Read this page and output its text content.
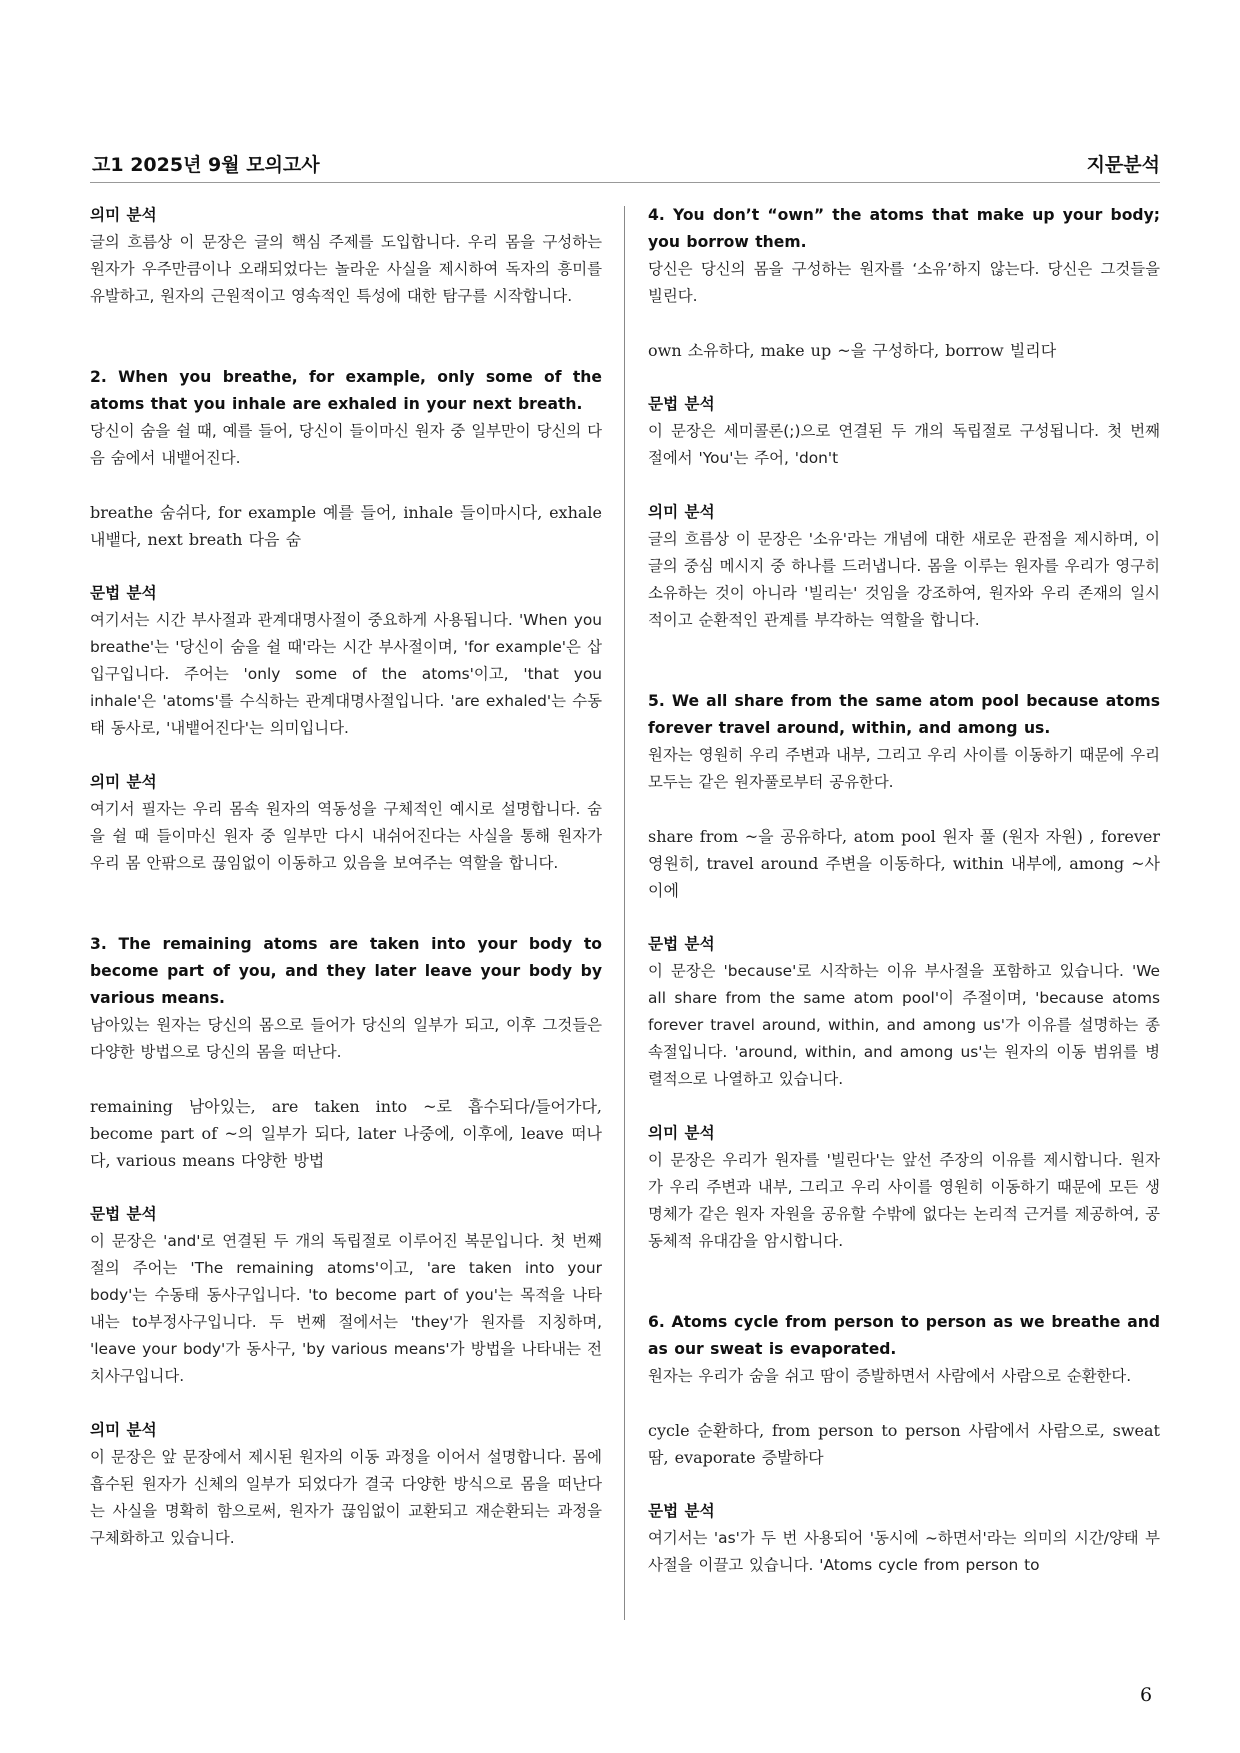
고1 2025년 9월 모의고사	지문분석
의미 분석
글의 흐름상 이 문장은 글의 핵심 주제를 도입합니다. 우리 몸을 구성하는 원자가 우주만큼이나 오래되었다는 놀라운 사실을 제시하여 독자의 흥미를 유발하고, 원자의 근원적이고 영속적인 특성에 대한 탐구를 시작합니다.
2. When you breathe, for example, only some of the atoms that you inhale are exhaled in your next breath.
당신이 숨을 쉴 때, 예를 들어, 당신이 들이마신 원자 중 일부만이 당신의 다음 숨에서 내뱉어진다.
breathe 숨쉬다, for example 예를 들어, inhale 들이마시다, exhale 내뱉다, next breath 다음 숨
문법 분석
여기서는 시간 부사절과 관계대명사절이 중요하게 사용됩니다. 'When you breathe'는 '당신이 숨을 쉴 때'라는 시간 부사절이며, 'for example'은 삽입구입니다. 주어는 'only some of the atoms'이고, 'that you inhale'은 'atoms'를 수식하는 관계대명사절입니다. 'are exhaled'는 수동태 동사로, '내뱉어진다'는 의미입니다.
의미 분석
여기서 필자는 우리 몸속 원자의 역동성을 구체적인 예시로 설명합니다. 숨을 쉴 때 들이마신 원자 중 일부만 다시 내쉬어진다는 사실을 통해 원자가 우리 몸 안팎으로 끊임없이 이동하고 있음을 보여주는 역할을 합니다.
3. The remaining atoms are taken into your body to become part of you, and they later leave your body by various means.
남아있는 원자는 당신의 몸으로 들어가 당신의 일부가 되고, 이후 그것들은 다양한 방법으로 당신의 몸을 떠난다.
remaining 남아있는, are taken into ~로 흡수되다/들어가다, become part of ~의 일부가 되다, later 나중에, 이후에, leave 떠나다, various means 다양한 방법
문법 분석
이 문장은 'and'로 연결된 두 개의 독립절로 이루어진 복문입니다. 첫 번째 절의 주어는 'The remaining atoms'이고, 'are taken into your body'는 수동태 동사구입니다. 'to become part of you'는 목적을 나타내는 to부정사구입니다. 두 번째 절에서는 'they'가 원자를 지칭하며, 'leave your body'가 동사구, 'by various means'가 방법을 나타내는 전치사구입니다.
의미 분석
이 문장은 앞 문장에서 제시된 원자의 이동 과정을 이어서 설명합니다. 몸에 흡수된 원자가 신체의 일부가 되었다가 결국 다양한 방식으로 몸을 떠난다는 사실을 명확히 함으로써, 원자가 끊임없이 교환되고 재순환되는 과정을 구체화하고 있습니다.
4. You don’t “own” the atoms that make up your body; you borrow them.
당신은 당신의 몸을 구성하는 원자를 ‘소유’하지 않는다. 당신은 그것들을 빌린다.
own 소유하다, make up ~을 구성하다, borrow 빌리다
문법 분석
이 문장은 세미콜론(;)으로 연결된 두 개의 독립절로 구성됩니다. 첫 번째 절에서 'You'는 주어, 'don't
의미 분석
글의 흐름상 이 문장은 '소유'라는 개념에 대한 새로운 관점을 제시하며, 이 글의 중심 메시지 중 하나를 드러냅니다. 몸을 이루는 원자를 우리가 영구히 소유하는 것이 아니라 '빌리는' 것임을 강조하여, 원자와 우리 존재의 일시적이고 순환적인 관계를 부각하는 역할을 합니다.
5. We all share from the same atom pool because atoms forever travel around, within, and among us.
원자는 영원히 우리 주변과 내부, 그리고 우리 사이를 이동하기 때문에 우리 모두는 같은 원자풀로부터 공유한다.
share from ~을 공유하다, atom pool 원자 풀 (원자 자원) , forever 영원히, travel around 주변을 이동하다, within 내부에, among ~사이에
문법 분석
이 문장은 'because'로 시작하는 이유 부사절을 포함하고 있습니다. 'We all share from the same atom pool'이 주절이며, 'because atoms forever travel around, within, and among us'가 이유를 설명하는 종속절입니다. 'around, within, and among us'는 원자의 이동 범위를 병렬적으로 나열하고 있습니다.
의미 분석
이 문장은 우리가 원자를 '빌린다'는 앞선 주장의 이유를 제시합니다. 원자가 우리 주변과 내부, 그리고 우리 사이를 영원히 이동하기 때문에 모든 생명체가 같은 원자 자원을 공유할 수밖에 없다는 논리적 근거를 제공하여, 공동체적 유대감을 암시합니다.
6. Atoms cycle from person to person as we breathe and as our sweat is evaporated.
원자는 우리가 숨을 쉬고 땀이 증발하면서 사람에서 사람으로 순환한다.
cycle 순환하다, from person to person 사람에서 사람으로, sweat 땀, evaporate 증발하다
문법 분석
여기서는 'as'가 두 번 사용되어 '동시에 ~하면서'라는 의미의 시간/양태 부사절을 이끌고 있습니다. 'Atoms cycle from person to
6
